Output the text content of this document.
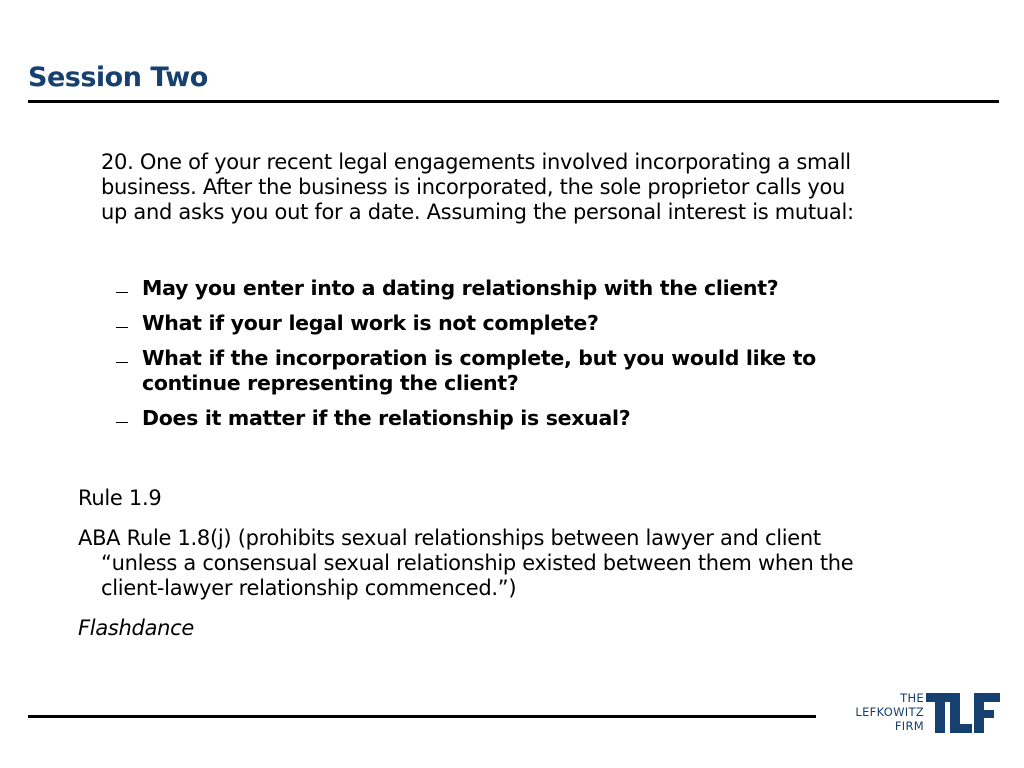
Session Two
20. One of your recent legal engagements involved incorporating a small
business. After the business is incorporated, the sole proprietor calls you
up and asks you out for a date. Assuming the personal interest is mutual:
May you enter into a dating relationship with the client?
What if your legal work is not complete?
What if the incorporation is complete, but you would like to
continue representing the client?
Does it matter if the relationship is sexual?
Rule 1.9
ABA Rule 1.8(j) (prohibits sexual relationships between lawyer and client
“unless a consensual sexual relationship existed between them when the
client-lawyer relationship commenced.”)
Flashdance
THE
LEFKOWITZ
FIRM
